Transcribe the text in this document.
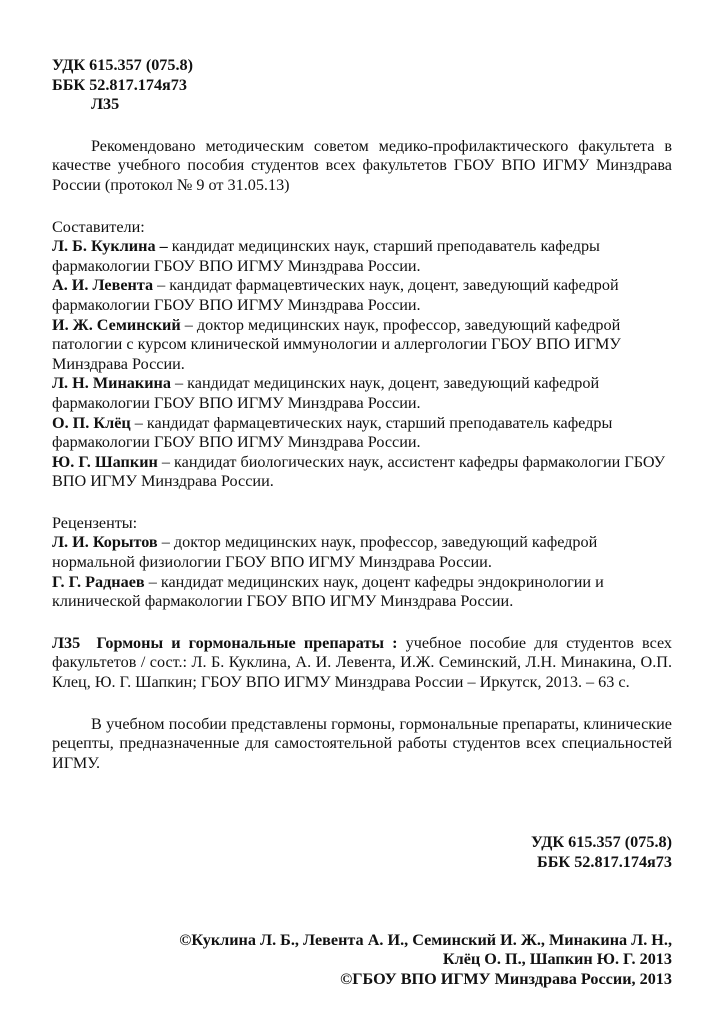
УДК 615.357 (075.8)
ББК 52.817.174я73
Л35
Рекомендовано методическим советом медико-профилактического факультета в качестве учебного пособия студентов всех факультетов ГБОУ ВПО ИГМУ Минздрава России (протокол № 9 от 31.05.13)
Составители:
Л. Б. Куклина – кандидат медицинских наук, старший преподаватель кафедры фармакологии ГБОУ ВПО ИГМУ Минздрава России.
А. И. Левента – кандидат фармацевтических наук, доцент, заведующий кафедрой фармакологии ГБОУ ВПО ИГМУ Минздрава России.
И. Ж. Семинский – доктор медицинских наук, профессор, заведующий кафедрой патологии с курсом клинической иммунологии и аллергологии ГБОУ ВПО ИГМУ Минздрава России.
Л. Н. Минакина – кандидат медицинских наук, доцент, заведующий кафедрой фармакологии ГБОУ ВПО ИГМУ Минздрава России.
О. П. Клёц – кандидат фармацевтических наук, старший преподаватель кафедры фармакологии ГБОУ ВПО ИГМУ Минздрава России.
Ю. Г. Шапкин – кандидат биологических наук, ассистент кафедры фармакологии ГБОУ ВПО ИГМУ Минздрава России.
Рецензенты:
Л. И. Корытов – доктор медицинских наук, профессор, заведующий кафедрой нормальной физиологии ГБОУ ВПО ИГМУ Минздрава России.
Г. Г. Раднаев – кандидат медицинских наук, доцент кафедры эндокринологии и клинической фармакологии ГБОУ ВПО ИГМУ Минздрава России.
Л35 Гормоны и гормональные препараты : учебное пособие для студентов всех факультетов / сост.: Л. Б. Куклина, А. И. Левента, И.Ж. Семинский, Л.Н. Минакина, О.П. Клец, Ю. Г. Шапкин; ГБОУ ВПО ИГМУ Минздрава России – Иркутск, 2013. – 63 с.
В учебном пособии представлены гормоны, гормональные препараты, клинические рецепты, предназначенные для самостоятельной работы студентов всех специальностей ИГМУ.
УДК 615.357 (075.8)
ББК 52.817.174я73
©Куклина Л. Б., Левента А. И., Семинский И. Ж., Минакина Л. Н.,
Клёц О. П., Шапкин Ю. Г. 2013
©ГБОУ ВПО ИГМУ Минздрава России, 2013
